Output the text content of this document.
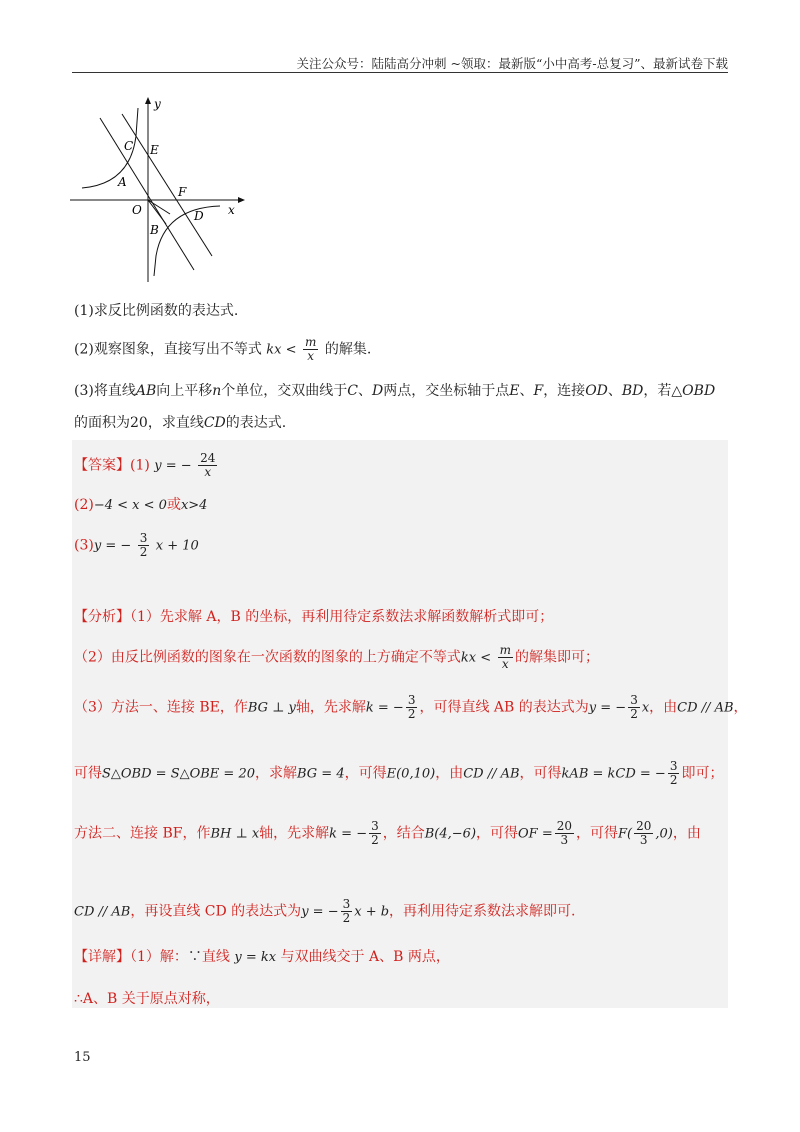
关注公众号：陆陆高分冲刺 ~领取：最新版“小中高考-总复习”、最新试卷下载
y
x
C E
A
F
O	D
B
(1)求反比例函数的表达式.
(2)观察图象，直接写出不等式 kx < $\frac{m}{x}$ 的解集.
(3)将直线AB向上平移n个单位，交双曲线于C、D两点，交坐标轴于点E、F，连接OD、BD，若△OBD
的面积为20，求直线CD的表达式.
【答案】(1) y = − $\frac{24}{x}$
(2)−4 < x < 0或x>4
(3)y = − $\frac{3}{2}$ x + 10
【分析】（1）先求解 A，B 的坐标，再利用待定系数法求解函数解析式即可；
（2）由反比例函数的图象在一次函数的图象的上方确定不等式kx < $\frac{m}{x}$ 的解集即可；
（3）方法一、连接 BE，作BG ⊥ y轴，先求解k = − $\frac{3}{2}$ ，可得直线 AB 的表达式为y = − $\frac{3}{2}$ x，由CD // AB，
可得S△OBD = S△OBE = 20，求解BG = 4，可得E(0,10)，由CD // AB，可得kAB = kCD = − $\frac{3}{2}$ 即可；
方法二、连接 BF，作BH ⊥ x轴，先求解k = − $\frac{3}{2}$ ，结合B(4,−6)，可得OF = $\frac{20}{3}$ ，可得$F( \frac{20}{3} ,0)$，由
CD // AB，再设直线 CD 的表达式为y = − $\frac{3}{2}$ x + b，再利用待定系数法求解即可.
【详解】（1）解：∵直线 y = kx 与双曲线交于 A、B 两点，
∴A、B 关于原点对称，
15
